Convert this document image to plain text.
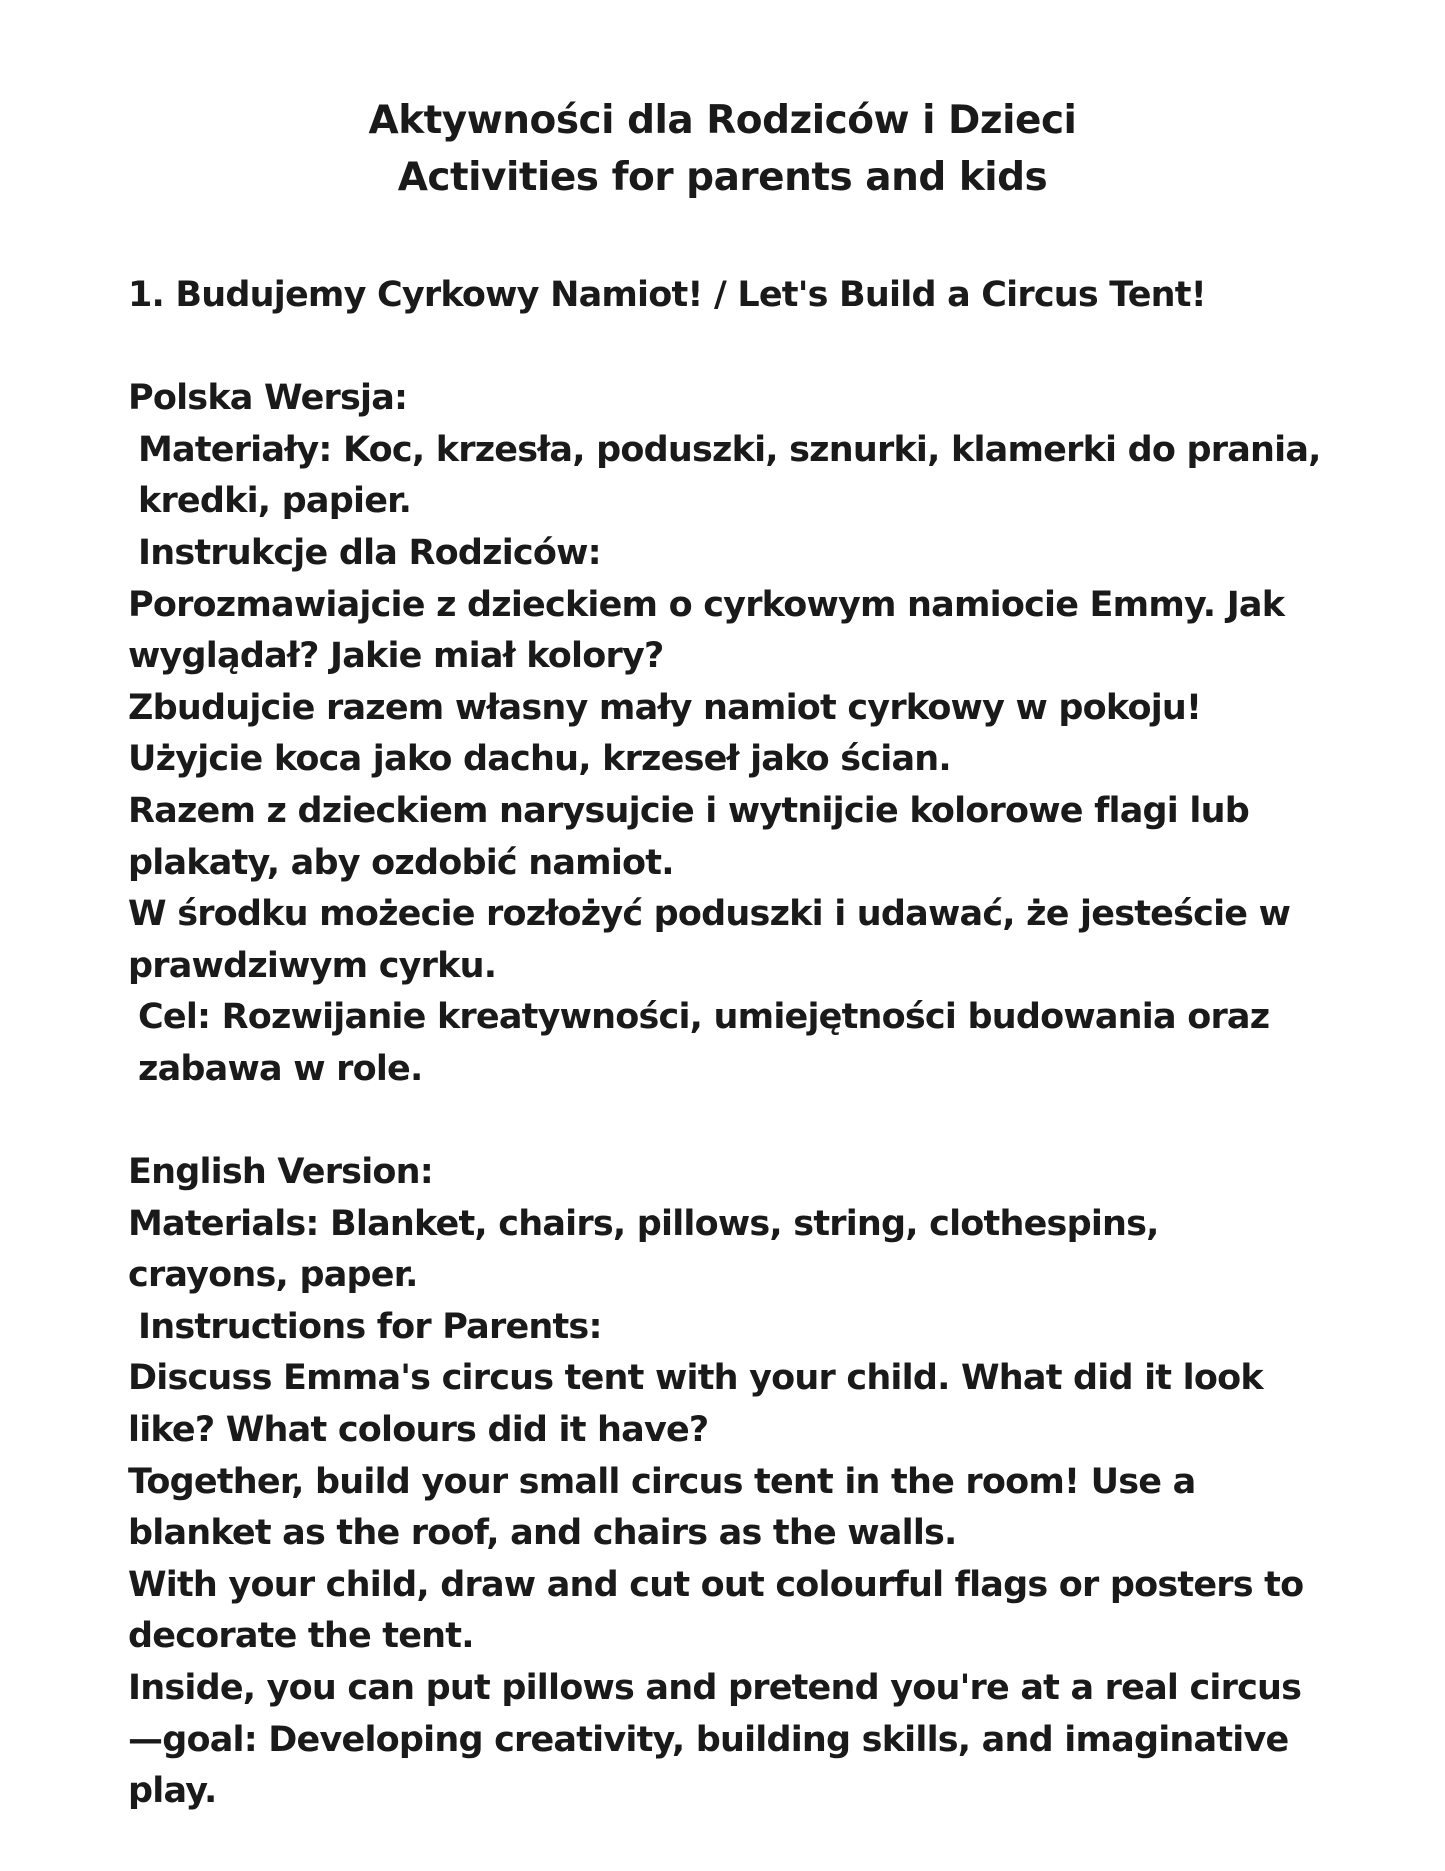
Aktywności dla Rodziców i Dzieci
Activities for parents and kids

1. Budujemy Cyrkowy Namiot! / Let's Build a Circus Tent!

Polska Wersja:

Materiały: Koc, krzesła, poduszki, sznurki, klamerki do prania, kredki, papier.

Instrukcje dla Rodziców:

Porozmawiajcie z dzieckiem o cyrkowym namiocie Emmy. Jak wyglądał? Jakie miał kolory?

Zbudujcie razem własny mały namiot cyrkowy w pokoju! Użyjcie koca jako dachu, krzeseł jako ścian.

Razem z dzieckiem narysujcie i wytnijcie kolorowe flagi lub plakaty, aby ozdobić namiot.

W środku możecie rozłożyć poduszki i udawać, że jesteście w prawdziwym cyrku.

Cel: Rozwijanie kreatywności, umiejętności budowania oraz zabawa w role.

English Version:

Materials: Blanket, chairs, pillows, string, clothespins, crayons, paper.

Instructions for Parents:

Discuss Emma's circus tent with your child. What did it look like? What colours did it have?

Together, build your small circus tent in the room! Use a blanket as the roof, and chairs as the walls.

With your child, draw and cut out colourful flags or posters to decorate the tent.

Inside, you can put pillows and pretend you're at a real circus—goal: Developing creativity, building skills, and imaginative play.
